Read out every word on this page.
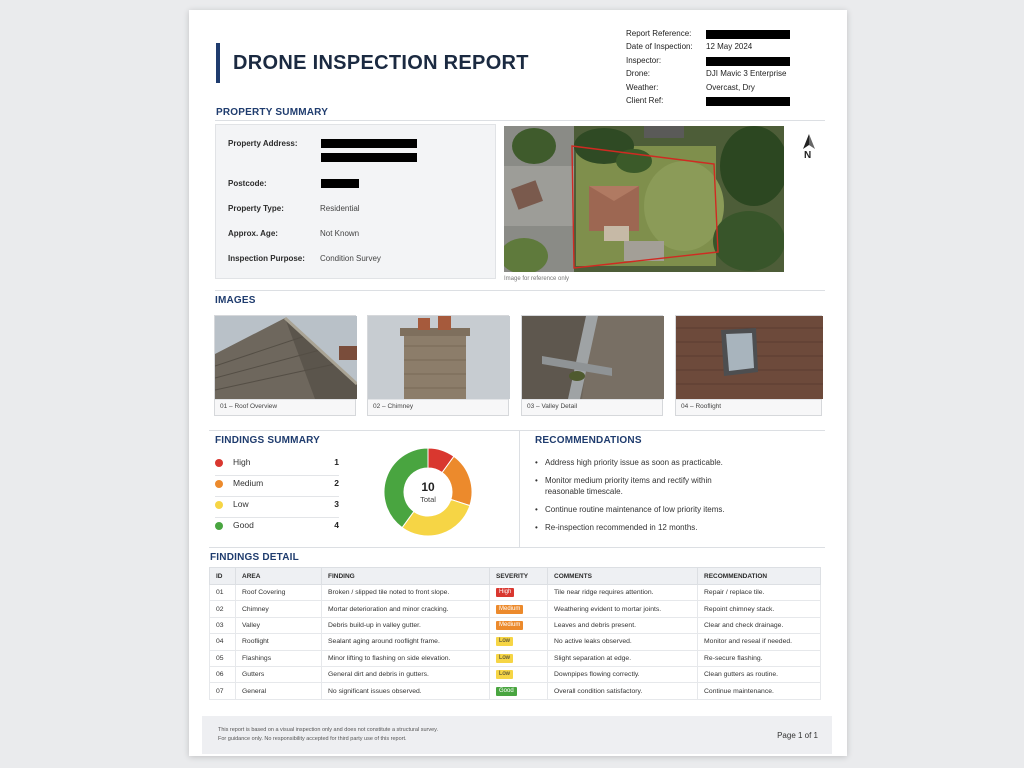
DRONE INSPECTION REPORT
Report Reference:
Date of Inspection: 12 May 2024
Inspector:
Drone:	DJI Mavic 3 Enterprise
Weather:	Overcast, Dry
Client Ref:
PROPERTY SUMMARY
Property Address:
Postcode:
Property Type:	Residential
Approx. Age:	Not Known
Inspection Purpose: Condition Survey
N
Image for reference only
IMAGES
01 – Roof Overview	02 – Chimney	03 – Valley Detail	04 – Rooflight
FINDINGS SUMMARY
High	1
Medium	2
Low	3
Good	4
10
Total
RECOMMENDATIONS
• Address high priority issue as soon as practicable.
• Monitor medium priority items and rectify within reasonable timescale.
• Continue routine maintenance of low priority items.
• Re-inspection recommended in 12 months.
FINDINGS DETAIL
ID	AREA	FINDING	SEVERITY	COMMENTS	RECOMMENDATION
01	Roof Covering	Broken / slipped tile noted to front slope.	High	Tile near ridge requires attention.	Repair / replace tile.
02	Chimney	Mortar deterioration and minor cracking.	Medium	Weathering evident to mortar joints.	Repoint chimney stack.
03	Valley	Debris build-up in valley gutter.	Medium	Leaves and debris present.	Clear and check drainage.
04	Rooflight	Sealant aging around rooflight frame.	Low	No active leaks observed.	Monitor and reseal if needed.
05	Flashings	Minor lifting to flashing on side elevation.	Low	Slight separation at edge.	Re-secure flashing.
06	Gutters	General dirt and debris in gutters.	Low	Downpipes flowing correctly.	Clean gutters as routine.
07	General	No significant issues observed.	Good	Overall condition satisfactory.	Continue maintenance.
This report is based on a visual inspection only and does not constitute a structural survey.
For guidance only. No responsibility accepted for third party use of this report.	Page 1 of 1
